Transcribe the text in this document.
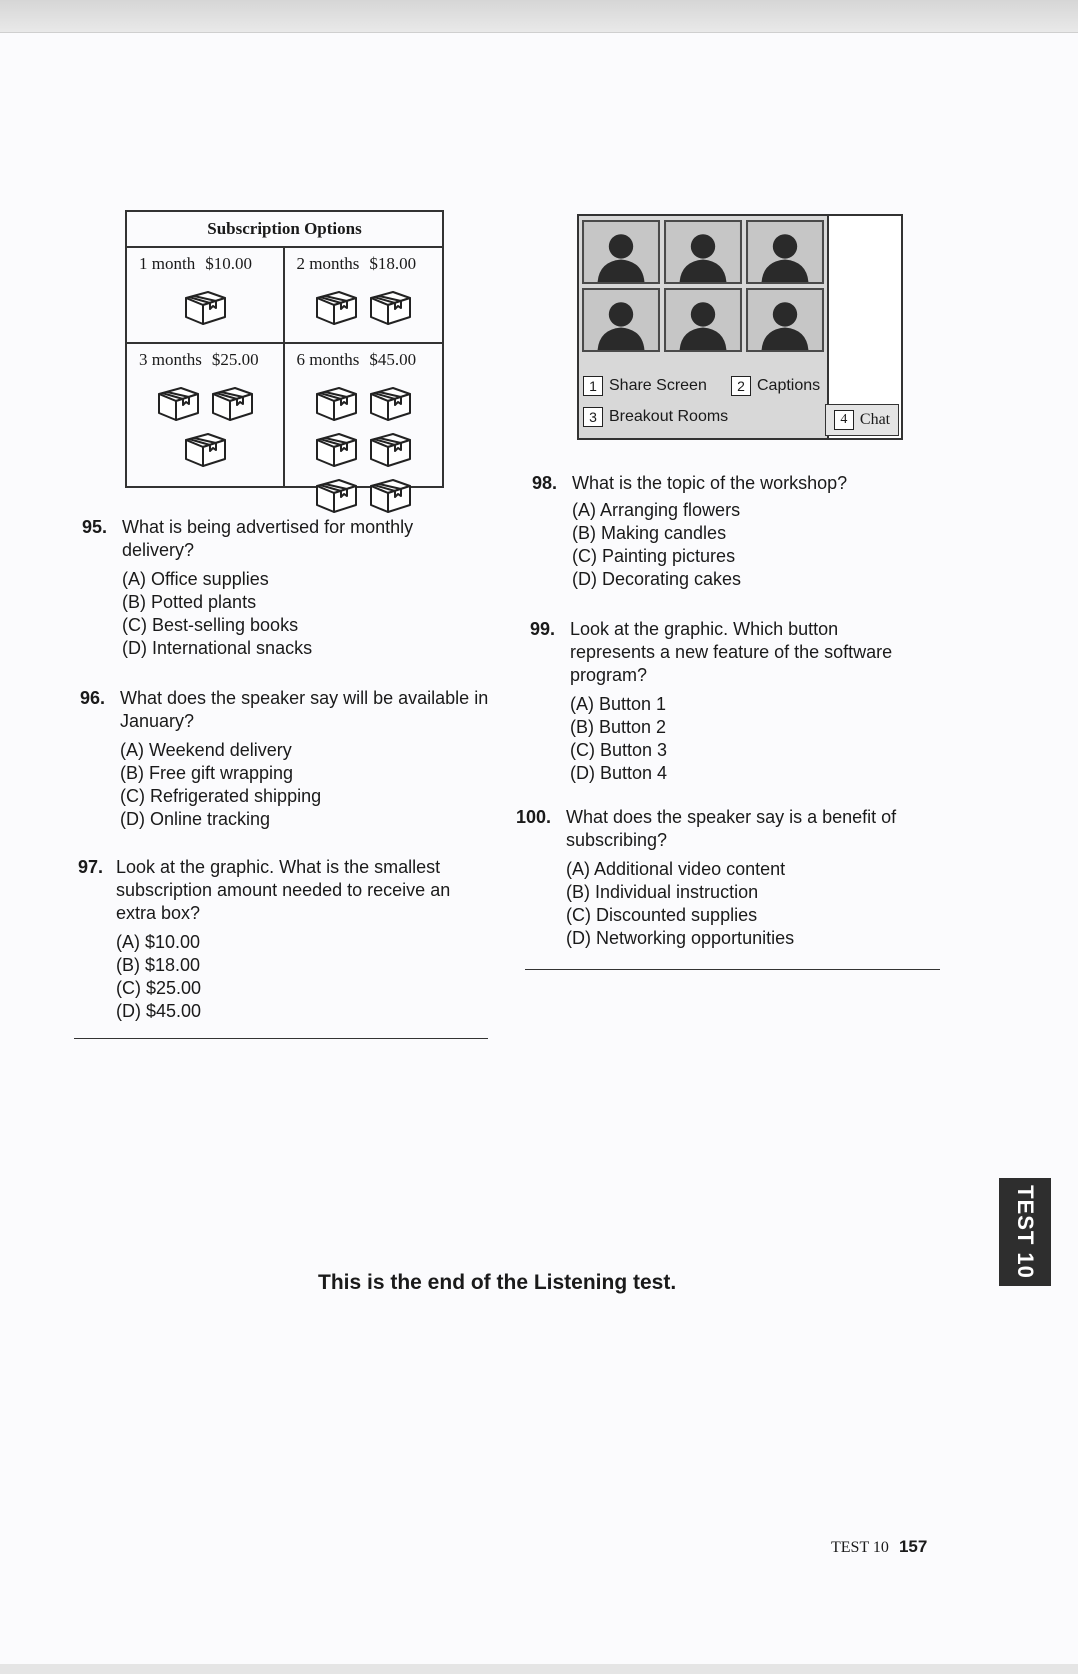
Subscription Options
1 month $10.00	2 months $18.00
3 months $25.00	6 months $45.00
1 Share Screen	2 Captions
3 Breakout Rooms	4 Chat
95. What is being advertised for monthly delivery?
(A) Office supplies
(B) Potted plants
(C) Best-selling books
(D) International snacks
96. What does the speaker say will be available in January?
(A) Weekend delivery
(B) Free gift wrapping
(C) Refrigerated shipping
(D) Online tracking
97. Look at the graphic. What is the smallest subscription amount needed to receive an extra box?
(A) $10.00
(B) $18.00
(C) $25.00
(D) $45.00
98. What is the topic of the workshop?
(A) Arranging flowers
(B) Making candles
(C) Painting pictures
(D) Decorating cakes
99. Look at the graphic. Which button represents a new feature of the software program?
(A) Button 1
(B) Button 2
(C) Button 3
(D) Button 4
100. What does the speaker say is a benefit of subscribing?
(A) Additional video content
(B) Individual instruction
(C) Discounted supplies
(D) Networking opportunities
This is the end of the Listening test.
TEST 10
TEST 10 157
